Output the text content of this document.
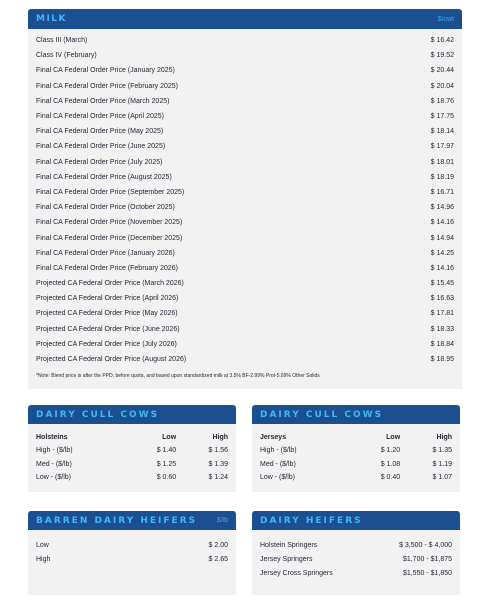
MILK	$/cwt
Class III (March)	$ 16.42
Class IV (February)	$ 19.52
Final CA Federal Order Price (January 2025)	$ 20.44
Final CA Federal Order Price (February 2025)	$ 20.04
Final CA Federal Order Price (March 2025)	$ 18.76
Final CA Federal Order Price (April 2025)	$ 17.75
Final CA Federal Order Price (May 2025)	$ 18.14
Final CA Federal Order Price (June 2025)	$ 17.97
Final CA Federal Order Price (July 2025)	$ 18.01
Final CA Federal Order Price (August 2025)	$ 18.19
Final CA Federal Order Price (September 2025)	$ 16.71
Final CA Federal Order Price (October 2025)	$ 14.96
Final CA Federal Order Price (November 2025)	$ 14.16
Final CA Federal Order Price (December 2025)	$ 14.94
Final CA Federal Order Price (January 2026)	$ 14.25
Final CA Federal Order Price (February 2026)	$ 14.16
Projected CA Federal Order Price (March 2026)	$ 15.45
Projected CA Federal Order Price (April 2026)	$ 16.63
Projected CA Federal Order Price (May 2026)	$ 17.81
Projected CA Federal Order Price (June 2026)	$ 18.33
Projected CA Federal Order Price (July 2026)	$ 18.84
Projected CA Federal Order Price (August 2026)	$ 18.95
*Note: Blend price is after the PPD, before quota, and based upon standardized milk at 3.5% BF-2.99% Prot-5.69% Other Solids
DAIRY CULL COWS
Holsteins	Low	High
High - ($/lb)	$ 1.40	$ 1.56
Med - ($/lb)	$ 1.25	$ 1.39
Low - ($/lb)	$ 0.60	$ 1.24
DAIRY CULL COWS
Jerseys	Low	High
High - ($/lb)	$ 1.20	$ 1.35
Med - ($/lb)	$ 1.08	$ 1.19
Low - ($/lb)	$ 0.40	$ 1.07
BARREN DAIRY HEIFERS	$/lb
Low	$ 2.00
High	$ 2.65
DAIRY HEIFERS
Holstein Springers	$ 3,500 - $ 4,000
Jersey Springers	$1,700 - $1,875
Jersey Cross Springers	$1,550 - $1,850
